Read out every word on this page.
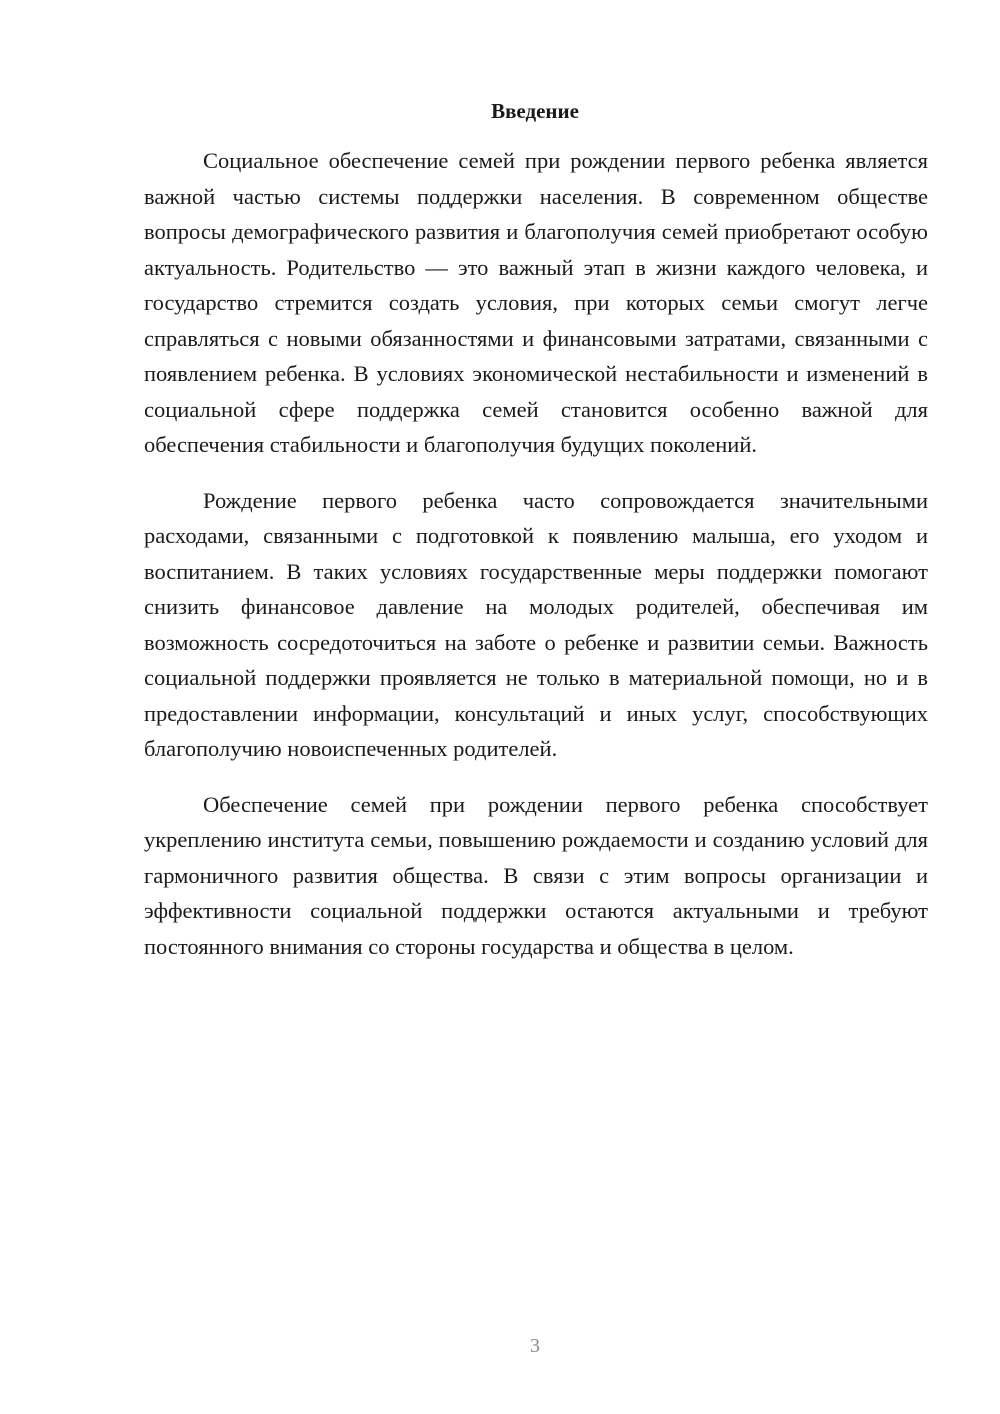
Введение

Социальное обеспечение семей при рождении первого ребенка является важной частью системы поддержки населения. В современном обществе вопросы демографического развития и благополучия семей приобретают особую актуальность. Родительство — это важный этап в жизни каждого человека, и государство стремится создать условия, при которых семьи смогут легче справляться с новыми обязанностями и финансовыми затратами, связанными с появлением ребенка. В условиях экономической нестабильности и изменений в социальной сфере поддержка семей становится особенно важной для обеспечения стабильности и благополучия будущих поколений.

Рождение первого ребенка часто сопровождается значительными расходами, связанными с подготовкой к появлению малыша, его уходом и воспитанием. В таких условиях государственные меры поддержки помогают снизить финансовое давление на молодых родителей, обеспечивая им возможность сосредоточиться на заботе о ребенке и развитии семьи. Важность социальной поддержки проявляется не только в материальной помощи, но и в предоставлении информации, консультаций и иных услуг, способствующих благополучию новоиспеченных родителей.

Обеспечение семей при рождении первого ребенка способствует укреплению института семьи, повышению рождаемости и созданию условий для гармоничного развития общества. В связи с этим вопросы организации и эффективности социальной поддержки остаются актуальными и требуют постоянного внимания со стороны государства и общества в целом.

3
